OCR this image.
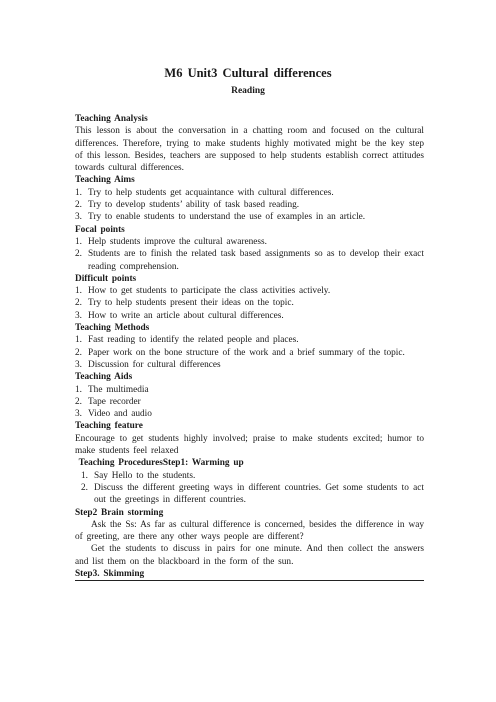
M6 Unit3 Cultural differences
Reading
Teaching Analysis
This lesson is about the conversation in a chatting room and focused on the cultural differences. Therefore, trying to make students highly motivated might be the key step of this lesson. Besides, teachers are supposed to help students establish correct attitudes towards cultural differences.
Teaching Aims
1. Try to help students get acquaintance with cultural differences.
2. Try to develop students’ ability of task based reading.
3. Try to enable students to understand the use of examples in an article.
Focal points
1. Help students improve the cultural awareness.
2. Students are to finish the related task based assignments so as to develop their exact reading comprehension.
Difficult points
1. How to get students to participate the class activities actively.
2. Try to help students present their ideas on the topic.
3. How to write an article about cultural differences.
Teaching Methods
1. Fast reading to identify the related people and places.
2. Paper work on the bone structure of the work and a brief summary of the topic.
3. Discussion for cultural differences
Teaching Aids
1. The multimedia
2. Tape recorder
3. Video and audio
Teaching feature
Encourage to get students highly involved; praise to make students excited; humor to make students feel relaxed
Teaching ProceduresStep1: Warming up
1. Say Hello to the students.
2. Discuss the different greeting ways in different countries. Get some students to act out the greetings in different countries.
Step2 Brain storming
Ask the Ss: As far as cultural difference is concerned, besides the difference in way of greeting, are there any other ways people are different?
Get the students to discuss in pairs for one minute. And then collect the answers and list them on the blackboard in the form of the sun.
Step3. Skimming
